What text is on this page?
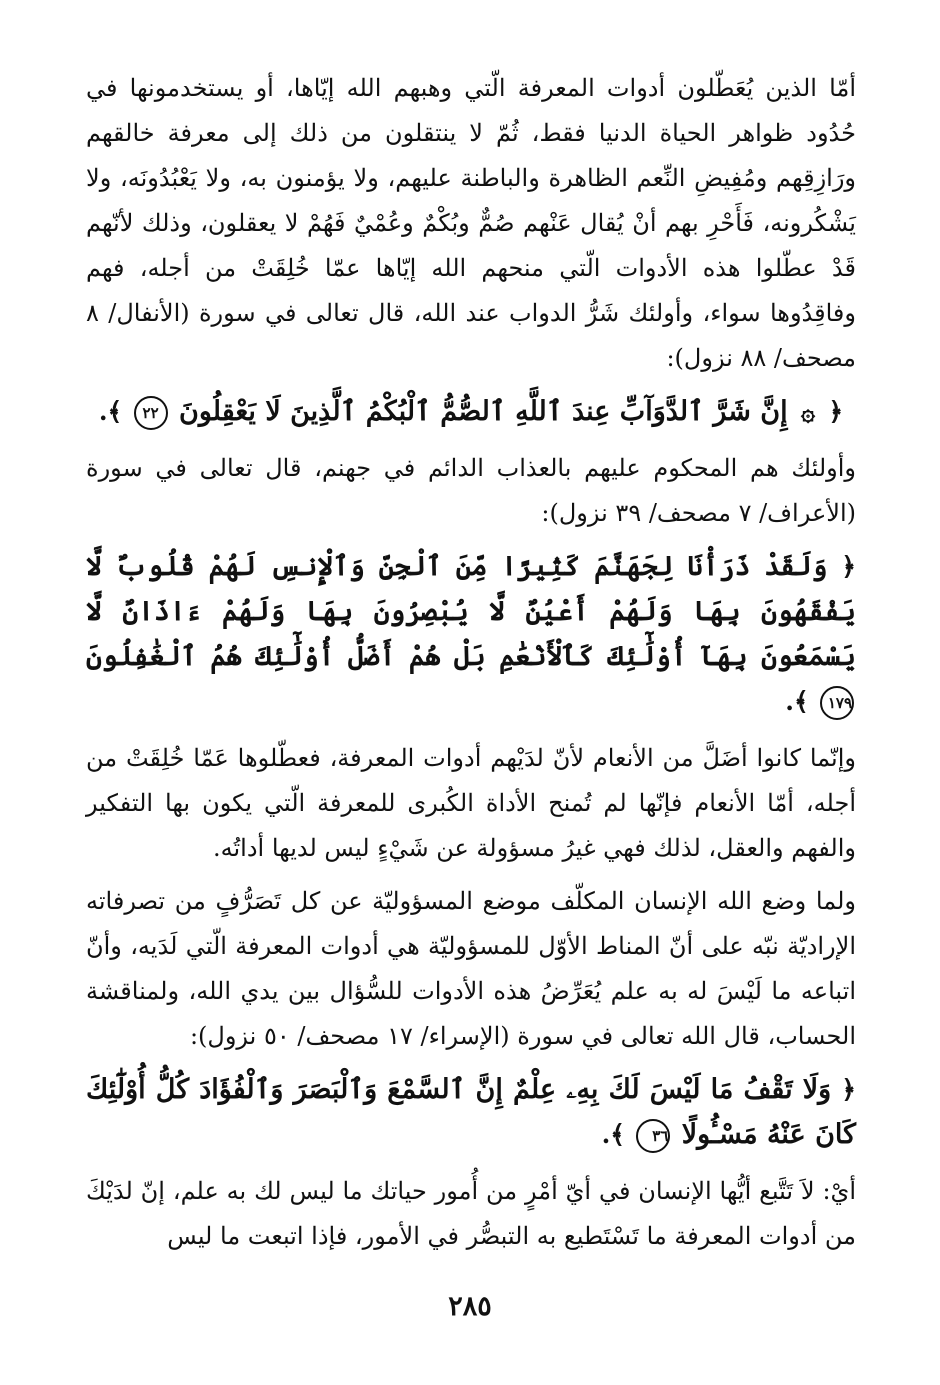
أمّا الذين يُعَطّلون أدوات المعرفة الّتي وهبهم الله إيّاها، أو يستخدمونها في حُدُود ظواهر الحياة الدنيا فقط، ثُمّ لا ينتقلون من ذلك إلى معرفة خالقهم ورَازِقِهم ومُفِيضِ النِّعم الظاهرة والباطنة عليهم، ولا يؤمنون به، ولا يَعْبُدُونَه، ولا يَشْكُرونه، فَأَحْرِ بهم أنْ يُقال عَنْهم صُمٌّ وبُكْمٌ وعُمْيٌ فَهُمْ لا يعقلون، وذلك لأنّهم قَدْ عطّلوا هذه الأدوات الّتي منحهم الله إيّاها عمّا خُلِقَتْ من أجله، فهم وفاقِدُوها سواء، وأولئك شَرُّ الدواب عند الله، قال تعالى في سورة (الأنفال/ ٨ مصحف/ ٨٨ نزول):

﴿ ۞ إِنَّ شَرَّ ٱلدَّوَآبِّ عِندَ ٱللَّهِ ٱلصُّمُّ ٱلْبُكْمُ ٱلَّذِينَ لَا يَعْقِلُونَ ٢٢ ﴾.

وأولئك هم المحكوم عليهم بالعذاب الدائم في جهنم، قال تعالى في سورة (الأعراف/ ٧ مصحف/ ٣٩ نزول):

﴿ وَلَقَدْ ذَرَأْنَا لِجَهَنَّمَ كَثِيرًا مِّنَ ٱلْجِنِّ وَٱلْإِنسِ لَهُمْ قُلُوبٌ لَّا يَفْقَهُونَ بِهَا وَلَهُمْ أَعْيُنٌ لَّا يُبْصِرُونَ بِهَا وَلَهُمْ ءَاذَانٌ لَّا يَسْمَعُونَ بِهَآ أُوْلَٰٓئِكَ كَٱلْأَنْعَٰمِ بَلْ هُمْ أَضَلُّ أُوْلَٰٓئِكَ هُمُ ٱلْغَٰفِلُونَ ١٧٩ ﴾.

وإنّما كانوا أضَلَّ من الأنعام لأنّ لدَيْهم أدوات المعرفة، فعطّلوها عَمّا خُلِقَتْ من أجله، أمّا الأنعام فإنّها لم تُمنح الأداة الكُبرى للمعرفة الّتي يكون بها التفكير والفهم والعقل، لذلك فهي غيرُ مسؤولة عن شَيْءٍ ليس لديها أداتُه.

ولما وضع الله الإنسان المكلّف موضع المسؤوليّة عن كل تَصَرُّفٍ من تصرفاته الإراديّة نبّه على أنّ المناط الأوّل للمسؤوليّة هي أدوات المعرفة الّتي لَدَيه، وأنّ اتباعه ما لَيْسَ له به علم يُعَرِّضُ هذه الأدوات للسُّؤال بين يدي الله، ولمناقشة الحساب، قال الله تعالى في سورة (الإسراء/ ١٧ مصحف/ ٥٠ نزول):

﴿ وَلَا تَقْفُ مَا لَيْسَ لَكَ بِهِۦ عِلْمٌ إِنَّ ٱلسَّمْعَ وَٱلْبَصَرَ وَٱلْفُؤَادَ كُلُّ أُوْلَٰٓئِكَ كَانَ عَنْهُ مَسْـُٔولًا ٣٦ ﴾.

أيْ: لاَ تَتَّبع أيُّها الإنسان في أيّ أمْرٍ من أُمور حياتك ما ليس لك به علم، إنّ لدَيْكَ من أدوات المعرفة ما تَسْتَطيع به التبصُّر في الأمور، فإذا اتبعت ما ليس

٢٨٥
